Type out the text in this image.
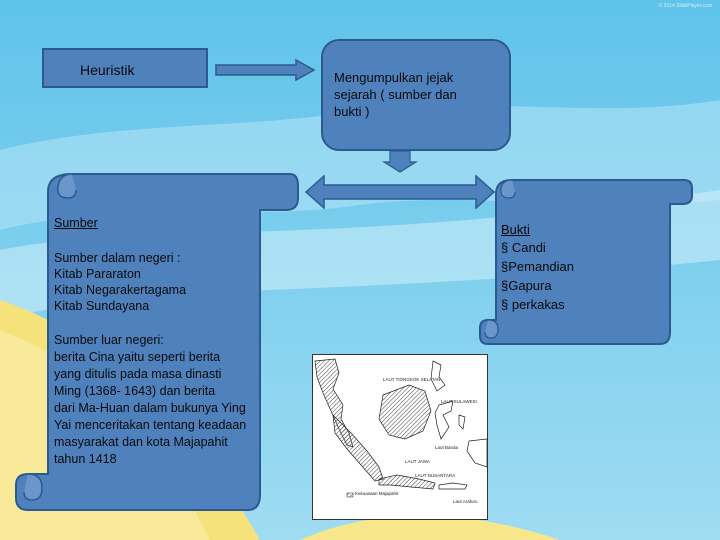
© 2014 SlidePlayer.com
Heuristik	Mengumpulkan jejak sejarah ( sumber dan bukti )
Sumber
Sumber dalam negeri :
Kitab Pararaton
Kitab Negarakertagama
Kitab Sundayana
Sumber luar negeri:
berita Cina yaitu seperti berita
yang ditulis pada masa dinasti
Ming (1368- 1643) dan berita
dari Ma-Huan dalam bukunya Ying
Yai menceritakan tentang keadaan
masyarakat dan kota Majapahit
tahun 1418
Bukti
§ Candi
§Pemandian
§Gapura
§ perkakas
LAUT TIONGKOK SELATAN
LAUT SULAWESI
LAUT JAWA
LAUT NUSANTARA
Laut Banda
Laut Arafuru
Kekuasaan Majapahit
